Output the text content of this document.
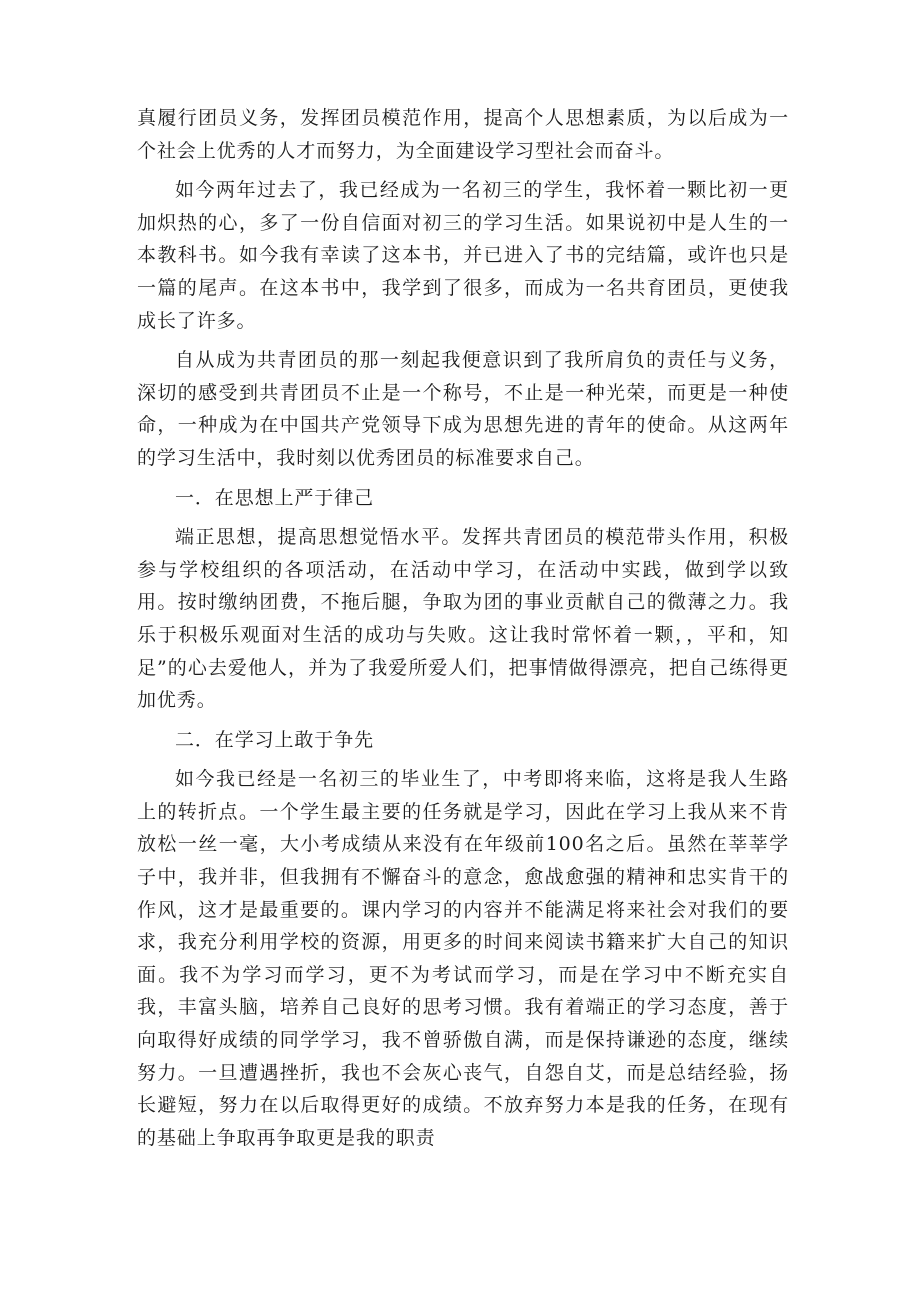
真履行团员义务，发挥团员模范作用，提高个人思想素质，为以后成为一个社会上优秀的人才而努力，为全面建设学习型社会而奋斗。

如今两年过去了，我已经成为一名初三的学生，我怀着一颗比初一更加炽热的心，多了一份自信面对初三的学习生活。如果说初中是人生的一本教科书。如今我有幸读了这本书，并已进入了书的完结篇，或许也只是一篇的尾声。在这本书中，我学到了很多，而成为一名共育团员，更使我成长了许多。

自从成为共青团员的那一刻起我便意识到了我所肩负的责任与义务，深切的感受到共青团员不止是一个称号，不止是一种光荣，而更是一种使命，一种成为在中国共产党领导下成为思想先进的青年的使命。从这两年的学习生活中，我时刻以优秀团员的标准要求自己。

一．在思想上严于律己

端正思想，提高思想觉悟水平。发挥共青团员的模范带头作用，积极参与学校组织的各项活动，在活动中学习，在活动中实践，做到学以致用。按时缴纳团费，不拖后腿，争取为团的事业贡献自己的微薄之力。我乐于积极乐观面对生活的成功与失败。这让我时常怀着一颗，，平和，知足”的心去爱他人，并为了我爱所爱人们，把事情做得漂亮，把自己练得更加优秀。

二．在学习上敢于争先

如今我已经是一名初三的毕业生了，中考即将来临，这将是我人生路上的转折点。一个学生最主要的任务就是学习，因此在学习上我从来不肯放松一丝一毫，大小考成绩从来没有在年级前100名之后。虽然在莘莘学子中，我并非，但我拥有不懈奋斗的意念，愈战愈强的精神和忠实肯干的作风，这才是最重要的。课内学习的内容并不能满足将来社会对我们的要求，我充分利用学校的资源，用更多的时间来阅读书籍来扩大自己的知识面。我不为学习而学习，更不为考试而学习，而是在学习中不断充实自我，丰富头脑，培养自己良好的思考习惯。我有着端正的学习态度，善于向取得好成绩的同学学习，我不曾骄傲自满，而是保持谦逊的态度，继续努力。一旦遭遇挫折，我也不会灰心丧气，自怨自艾，而是总结经验，扬长避短，努力在以后取得更好的成绩。不放弃努力本是我的任务，在现有的基础上争取再争取更是我的职责
